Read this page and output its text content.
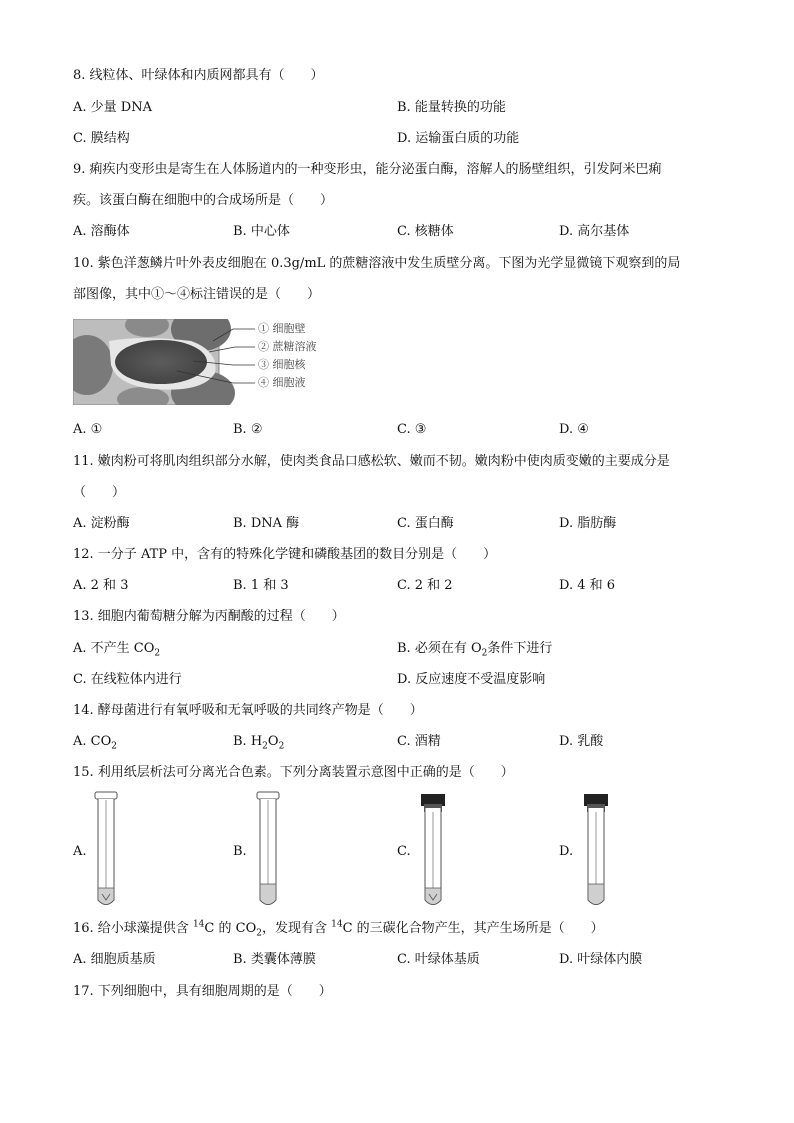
8. 线粒体、叶绿体和内质网都具有（　　）
A. 少量 DNA	B. 能量转换的功能
C. 膜结构	D. 运输蛋白质的功能
9. 痢疾内变形虫是寄生在人体肠道内的一种变形虫，能分泌蛋白酶，溶解人的肠壁组织，引发阿米巴痢
疾。该蛋白酶在细胞中的合成场所是（　　）
A. 溶酶体	B. 中心体	C. 核糖体	D. 高尔基体
10. 紫色洋葱鳞片叶外表皮细胞在 0.3g/mL 的蔗糖溶液中发生质壁分离。下图为光学显微镜下观察到的局
部图像，其中①～④标注错误的是（　　）
① 细胞壁
② 蔗糖溶液
③ 细胞核
④ 细胞液
A. ①	B. ②	C. ③	D. ④
11. 嫩肉粉可将肌肉组织部分水解，使肉类食品口感松软、嫩而不韧。嫩肉粉中使肉质变嫩的主要成分是
（　　）
A. 淀粉酶	B. DNA 酶	C. 蛋白酶	D. 脂肪酶
12. 一分子 ATP 中，含有的特殊化学键和磷酸基团的数目分别是（　　）
A. 2 和 3	B. 1 和 3	C. 2 和 2	D. 4 和 6
13. 细胞内葡萄糖分解为丙酮酸的过程（　　）
A. 不产生 $CO_2$	B. 必须在有 $O_2$条件下进行
C. 在线粒体内进行	D. 反应速度不受温度影响
14. 酵母菌进行有氧呼吸和无氧呼吸的共同终产物是（　　）
A. $CO_2$	B. $H_2O_2$	C. 酒精	D. 乳酸
15. 利用纸层析法可分离光合色素。下列分离装置示意图中正确的是（　　）
A.	B.	C.	D.
16. 给小球藻提供含 $^{14}$C 的 $CO_2$，发现有含 $^{14}$C 的三碳化合物产生，其产生场所是（　　）
A. 细胞质基质	B. 类囊体薄膜	C. 叶绿体基质	D. 叶绿体内膜
17. 下列细胞中，具有细胞周期的是（　　）
